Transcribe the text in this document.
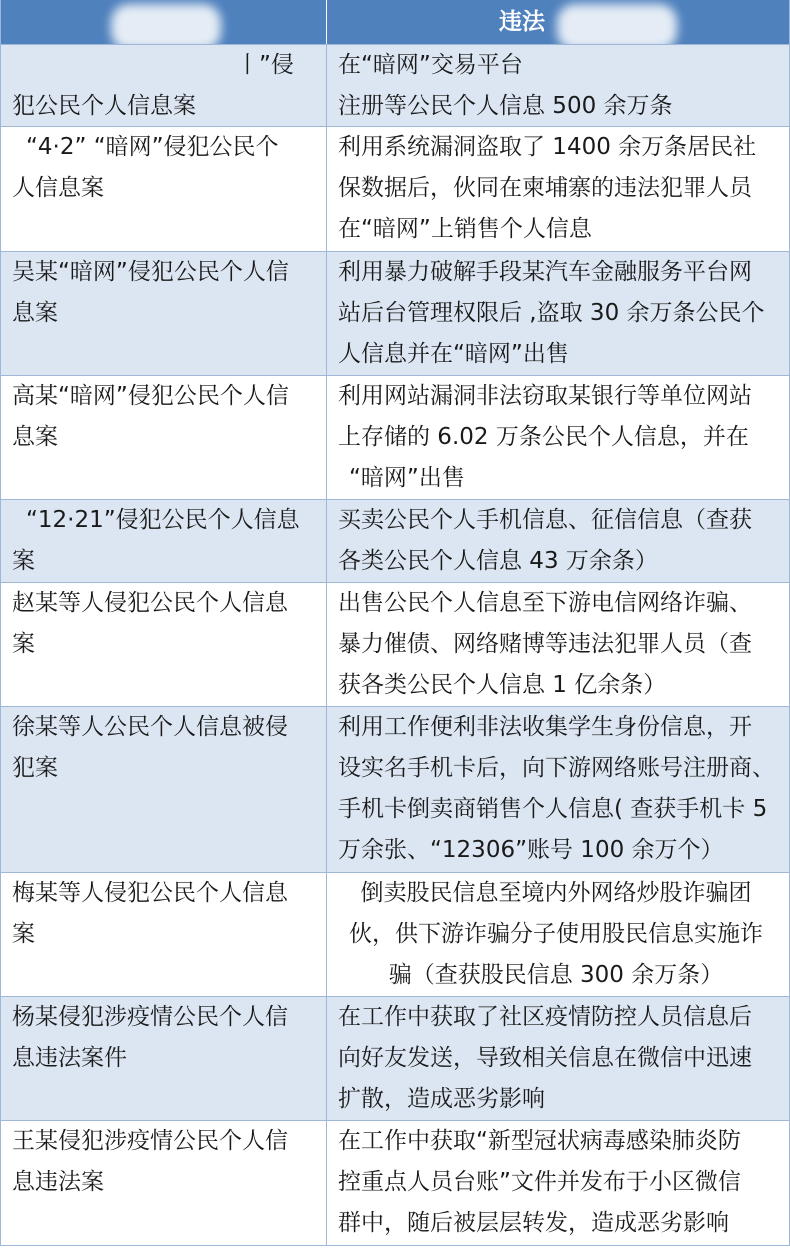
违法
丨”侵
犯公民个人信息案
在“暗网”交易平台
注册等公民个人信息 500 余万条
“4·2” “暗网”侵犯公民个
人信息案
利用系统漏洞盗取了 1400 余万条居民社
保数据后，伙同在柬埔寨的违法犯罪人员
在“暗网”上销售个人信息
吴某“暗网”侵犯公民个人信
息案
利用暴力破解手段某汽车金融服务平台网
站后台管理权限后 ,盗取 30 余万条公民个
人信息并在“暗网”出售
高某“暗网”侵犯公民个人信
息案
利用网站漏洞非法窃取某银行等单位网站
上存储的 6.02 万条公民个人信息，并在
“暗网”出售
“12·21”侵犯公民个人信息
案
买卖公民个人手机信息、征信信息（查获
各类公民个人信息 43 万余条）
赵某等人侵犯公民个人信息
案
出售公民个人信息至下游电信网络诈骗、
暴力催债、网络赌博等违法犯罪人员（查
获各类公民个人信息 1 亿余条）
徐某等人公民个人信息被侵
犯案
利用工作便利非法收集学生身份信息，开
设实名手机卡后，向下游网络账号注册商、
手机卡倒卖商销售个人信息( 查获手机卡 5
万余张、“12306”账号 100 余万个）
梅某等人侵犯公民个人信息
案
倒卖股民信息至境内外网络炒股诈骗团
伙，供下游诈骗分子使用股民信息实施诈
骗（查获股民信息 300 余万条）
杨某侵犯涉疫情公民个人信
息违法案件
在工作中获取了社区疫情防控人员信息后
向好友发送，导致相关信息在微信中迅速
扩散，造成恶劣影响
王某侵犯涉疫情公民个人信
息违法案
在工作中获取“新型冠状病毒感染肺炎防
控重点人员台账”文件并发布于小区微信
群中，随后被层层转发，造成恶劣影响
